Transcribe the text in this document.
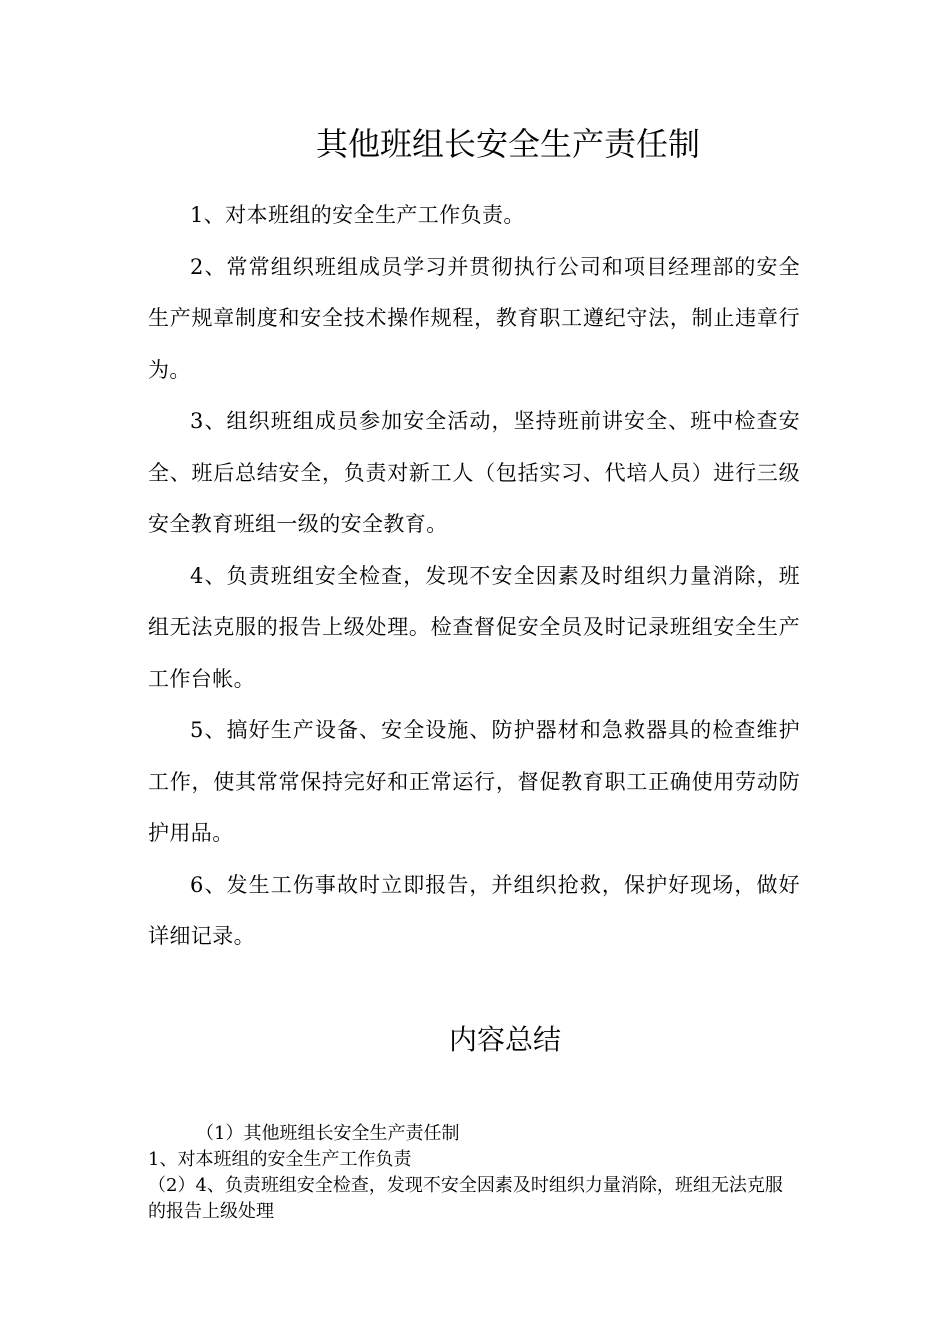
其他班组长安全生产责任制

1、对本班组的安全生产工作负责。

2、常常组织班组成员学习并贯彻执行公司和项目经理部的安全生产规章制度和安全技术操作规程，教育职工遵纪守法，制止违章行为。

3、组织班组成员参加安全活动，坚持班前讲安全、班中检查安全、班后总结安全，负责对新工人（包括实习、代培人员）进行三级安全教育班组一级的安全教育。

4、负责班组安全检查，发现不安全因素及时组织力量消除，班组无法克服的报告上级处理。检查督促安全员及时记录班组安全生产工作台帐。

5、搞好生产设备、安全设施、防护器材和急救器具的检查维护工作，使其常常保持完好和正常运行，督促教育职工正确使用劳动防护用品。

6、发生工伤事故时立即报告，并组织抢救，保护好现场，做好详细记录。

内容总结

（1）其他班组长安全生产责任制

1、对本班组的安全生产工作负责

（2）4、负责班组安全检查，发现不安全因素及时组织力量消除，班组无法克服的报告上级处理
